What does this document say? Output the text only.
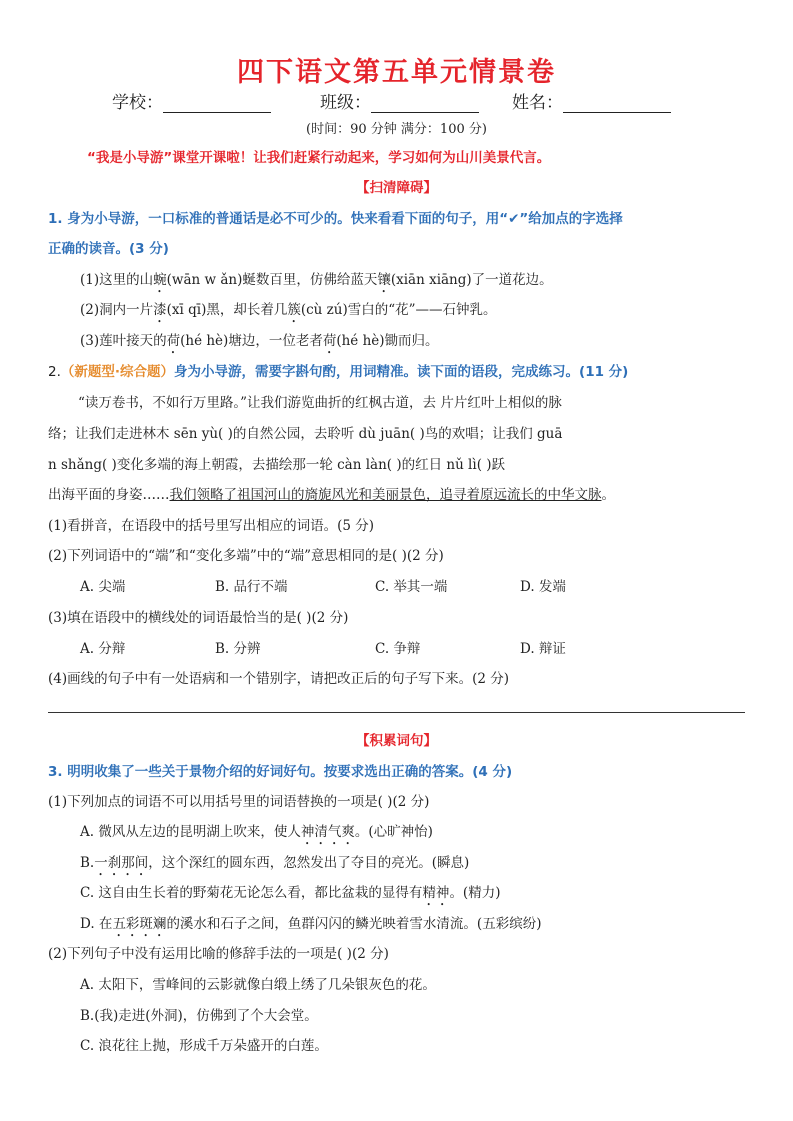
四下语文第五单元情景卷
学校：	班级：	姓名：
(时间：90 分钟 满分：100 分)
“我是小导游”课堂开课啦！让我们赶紧行动起来，学习如何为山川美景代言。
【扫清障碍】
1. 身为小导游，一口标准的普通话是必不可少的。快来看看下面的句子，用“✔”给加点的字选择
正确的读音。(3 分)
(1)这里的山蜿(wān w ǎn)蜒数百里，仿佛给蓝天镶(xiān xiāng)了一道花边。
(2)洞内一片漆(xī qī)黑，却长着几簇(cù zú)雪白的“花”——石钟乳。
(3)莲叶接天的荷(hé hè)塘边，一位老者荷(hé hè)锄而归。
2.（新题型·综合题）身为小导游，需要字斟句酌，用词精准。读下面的语段，完成练习。(11 分)
“读万卷书，不如行万里路。”让我们游览曲折的红枫古道，去 片片红叶上相似的脉
络；让我们走进林木 sēn yù( )的自然公园，去聆听 dù juān( )鸟的欢唱；让我们 guā
n shǎng( )变化多端的海上朝霞，去描绘那一轮 càn làn( )的红日 nǔ lì( )跃
出海平面的身姿……我们领略了祖国河山的旖旎风光和美丽景色，追寻着原远流长的中华文脉。
(1)看拼音，在语段中的括号里写出相应的词语。(5 分)
(2)下列词语中的“端”和“变化多端”中的“端”意思相同的是( )(2 分)
A. 尖端	B. 品行不端	C. 举其一端	D. 发端
(3)填在语段中的横线处的词语最恰当的是( )(2 分)
A. 分辩	B. 分辨	C. 争辩	D. 辩证
(4)画线的句子中有一处语病和一个错别字，请把改正后的句子写下来。(2 分)
【积累词句】
3. 明明收集了一些关于景物介绍的好词好句。按要求选出正确的答案。(4 分)
(1)下列加点的词语不可以用括号里的词语替换的一项是( )(2 分)
A. 微风从左边的昆明湖上吹来，使人神清气爽。(心旷神怡)
B.一刹那间，这个深红的圆东西，忽然发出了夺目的亮光。(瞬息)
C. 这自由生长着的野菊花无论怎么看，都比盆栽的显得有精神。(精力)
D. 在五彩斑斓的溪水和石子之间，鱼群闪闪的鳞光映着雪水清流。(五彩缤纷)
(2)下列句子中没有运用比喻的修辞手法的一项是( )(2 分)
A. 太阳下，雪峰间的云影就像白缎上绣了几朵银灰色的花。
B.(我)走进(外洞)，仿佛到了个大会堂。
C. 浪花往上抛，形成千万朵盛开的白莲。
